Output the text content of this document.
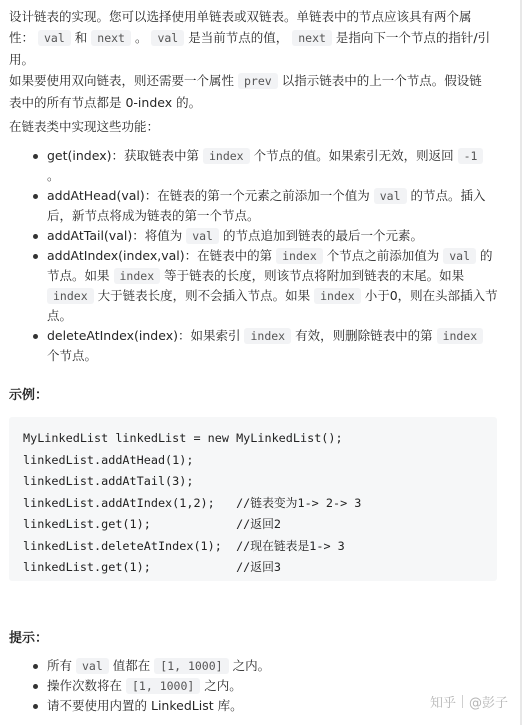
设计链表的实现。您可以选择使用单链表或双链表。单链表中的节点应该具有两个属
性： val 和 next 。 val 是当前节点的值， next 是指向下一个节点的指针/引用。
如果要使用双向链表，则还需要一个属性 prev 以指示链表中的上一个节点。假设链
表中的所有节点都是 0-index 的。
在链表类中实现这些功能：
get(index)：获取链表中第 index 个节点的值。如果索引无效，则返回 -1 。
addAtHead(val)：在链表的第一个元素之前添加一个值为 val 的节点。插入后，新节点将成为链表的第一个节点。
addAtTail(val)：将值为 val 的节点追加到链表的最后一个元素。
addAtIndex(index,val)：在链表中的第 index 个节点之前添加值为 val 的节点。如果 index 等于链表的长度，则该节点将附加到链表的末尾。如果 index 大于链表长度，则不会插入节点。如果 index 小于0，则在头部插入节点。
deleteAtIndex(index)：如果索引 index 有效，则删除链表中的第 index 个节点。
示例：
MyLinkedList linkedList = new MyLinkedList();
linkedList.addAtHead(1);
linkedList.addAtTail(3);
linkedList.addAtIndex(1,2);   //链表变为1-> 2-> 3
linkedList.get(1);            //返回2
linkedList.deleteAtIndex(1);  //现在链表是1-> 3
linkedList.get(1);            //返回3
提示：
所有 val 值都在 [1, 1000] 之内。
操作次数将在 [1, 1000] 之内。
请不要使用内置的 LinkedList 库。	知乎 @彭子
